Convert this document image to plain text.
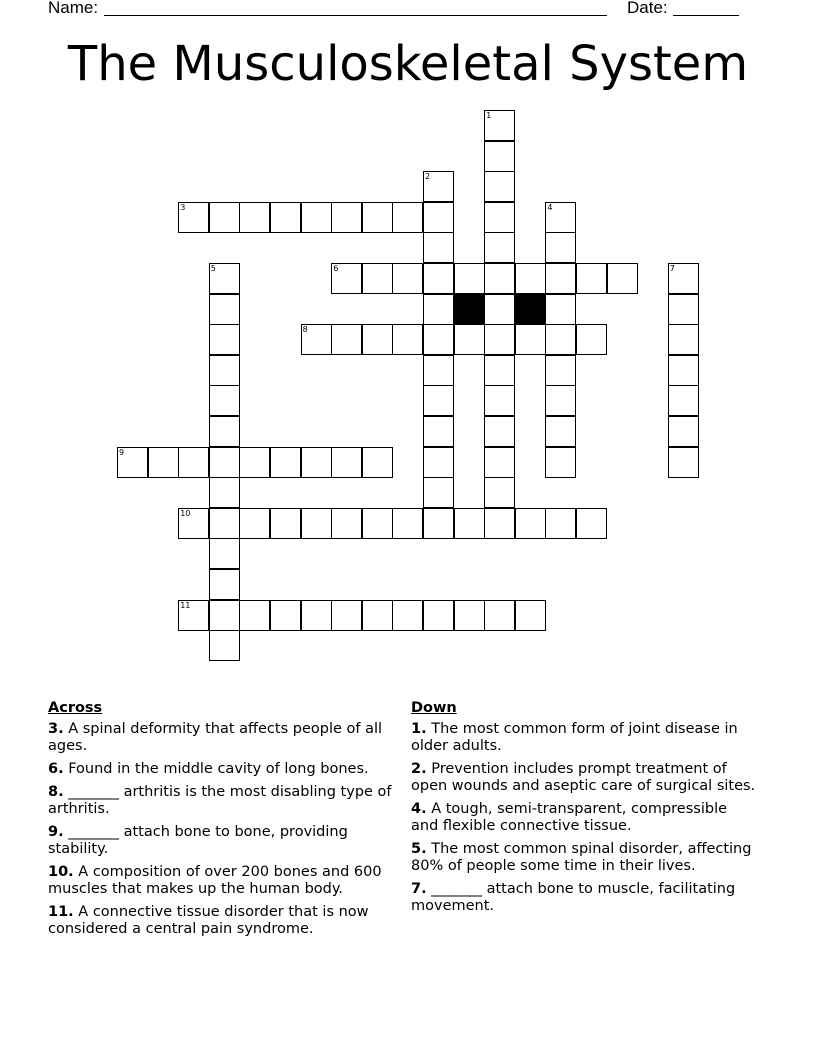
Name:	Date:
The Musculoskeletal System
3
6
8
9
10
11
1
2
4
5	7
Across
3. A spinal deformity that affects people of all ages.
6. Found in the middle cavity of long bones.
8. _______ arthritis is the most disabling type of arthritis.
9. _______ attach bone to bone, providing stability.
10. A composition of over 200 bones and 600 muscles that makes up the human body.
11. A connective tissue disorder that is now considered a central pain syndrome.
Down
1. The most common form of joint disease in older adults.
2. Prevention includes prompt treatment of open wounds and aseptic care of surgical sites.
4. A tough, semi-transparent, compressible and flexible connective tissue.
5. The most common spinal disorder, affecting 80% of people some time in their lives.
7. _______ attach bone to muscle, facilitating movement.
